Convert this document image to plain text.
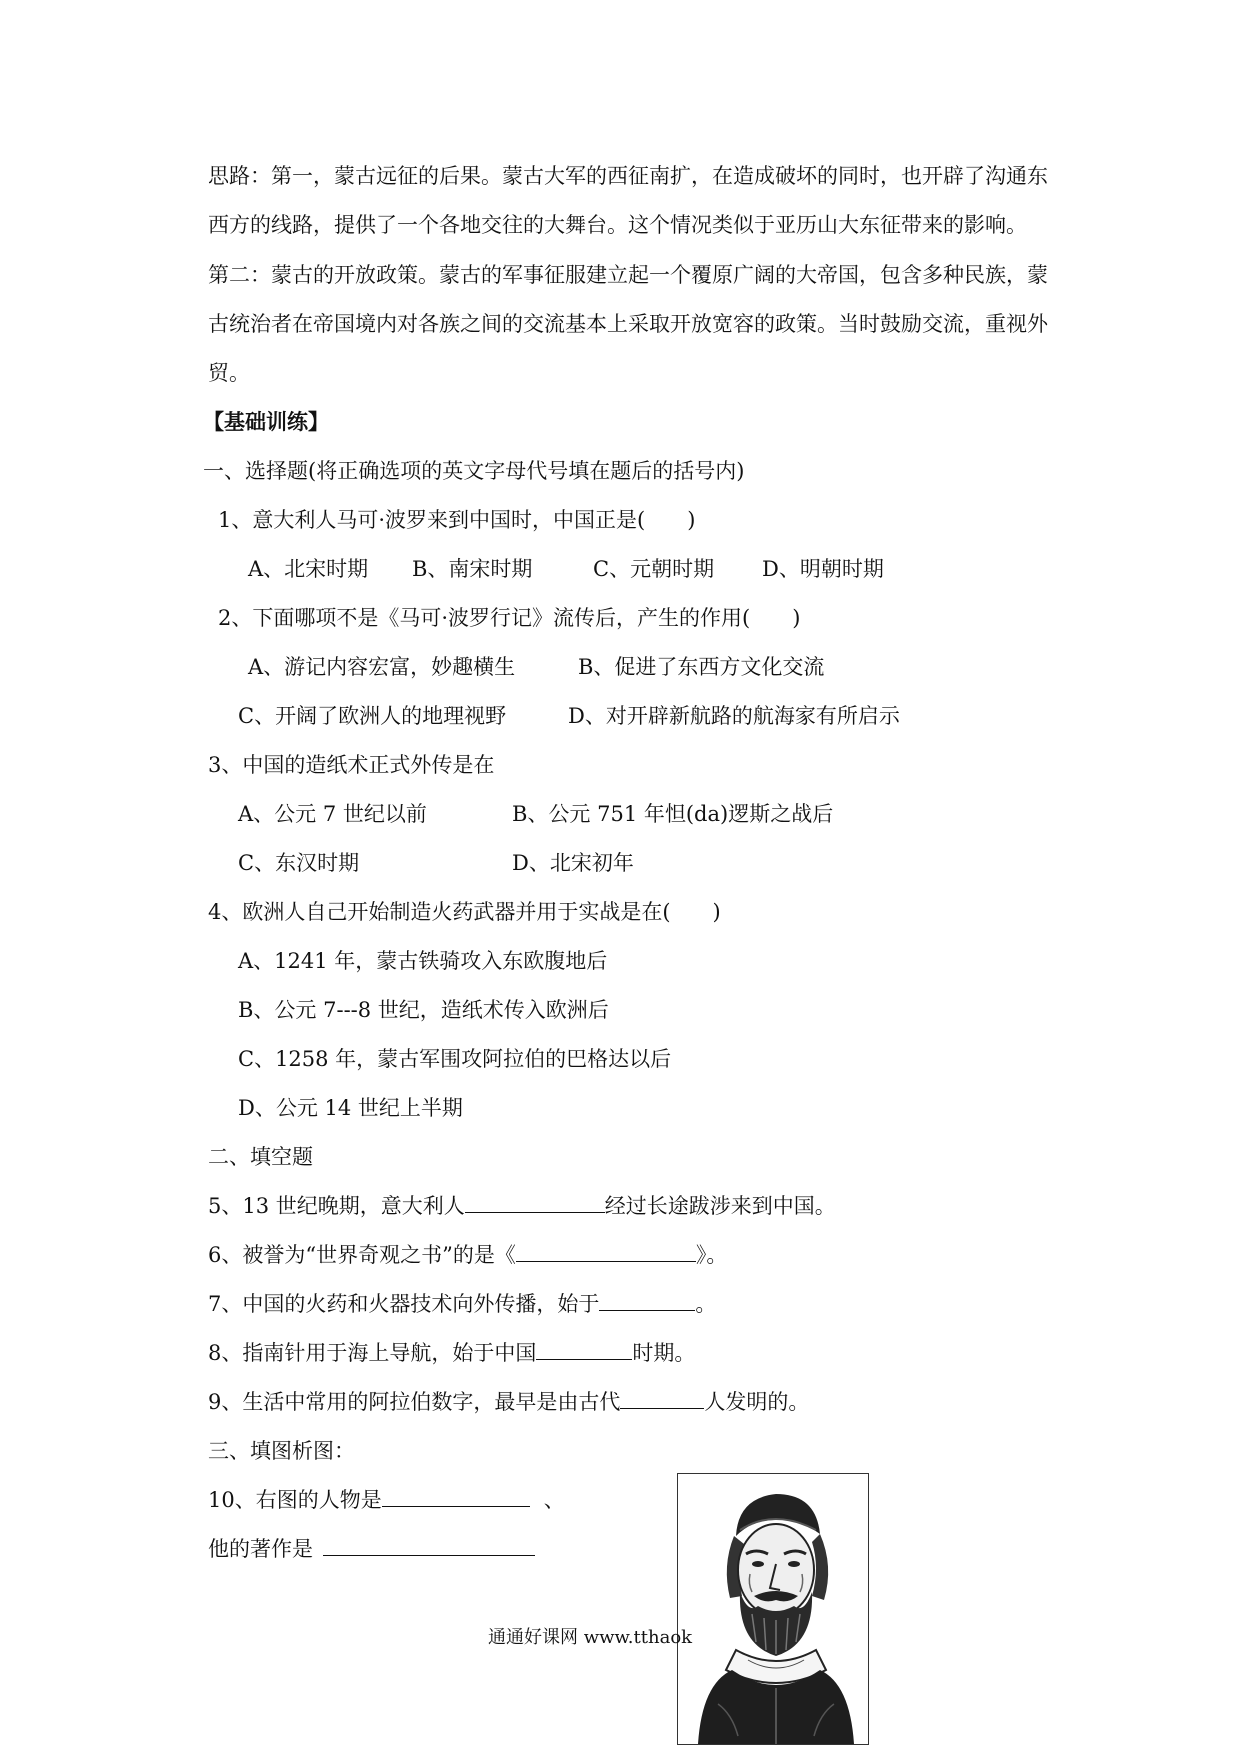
思路：第一，蒙古远征的后果。蒙古大军的西征南扩，在造成破坏的同时，也开辟了沟通东
西方的线路，提供了一个各地交往的大舞台。这个情况类似于亚历山大东征带来的影响。
第二：蒙古的开放政策。蒙古的军事征服建立起一个覆原广阔的大帝国，包含多种民族，蒙
古统治者在帝国境内对各族之间的交流基本上采取开放宽容的政策。当时鼓励交流，重视外
贸。
【基础训练】
一、选择题(将正确选项的英文字母代号填在题后的括号内)
1、意大利人马可·波罗来到中国时，中国正是(　　)
A、北宋时期 B、南宋时期	C、元朝时期 D、明朝时期
2、下面哪项不是《马可·波罗行记》流传后，产生的作用(　　)
A、游记内容宏富，妙趣横生	B、促进了东西方文化交流
C、开阔了欧洲人的地理视野	D、对开辟新航路的航海家有所启示
3、中国的造纸术正式外传是在
A、公元 7 世纪以前	B、公元 751 年怛(da)逻斯之战后
C、东汉时期	D、北宋初年
4、欧洲人自己开始制造火药武器并用于实战是在(　　)
A、1241 年，蒙古铁骑攻入东欧腹地后
B、公元 7---8 世纪，造纸术传入欧洲后
C、1258 年，蒙古军围攻阿拉伯的巴格达以后
D、公元 14 世纪上半期
二、填空题
5、13 世纪晚期，意大利人	经过长途跋涉来到中国。
6、被誉为“世界奇观之书”的是《	》。
7、中国的火药和火器技术向外传播，始于	。
8、指南针用于海上导航，始于中国	时期。
9、生活中常用的阿拉伯数字，最早是由古代	人发明的。
三、填图析图：
10、右图的人物是	、
他的著作是
通通好课网 www.tthaok
